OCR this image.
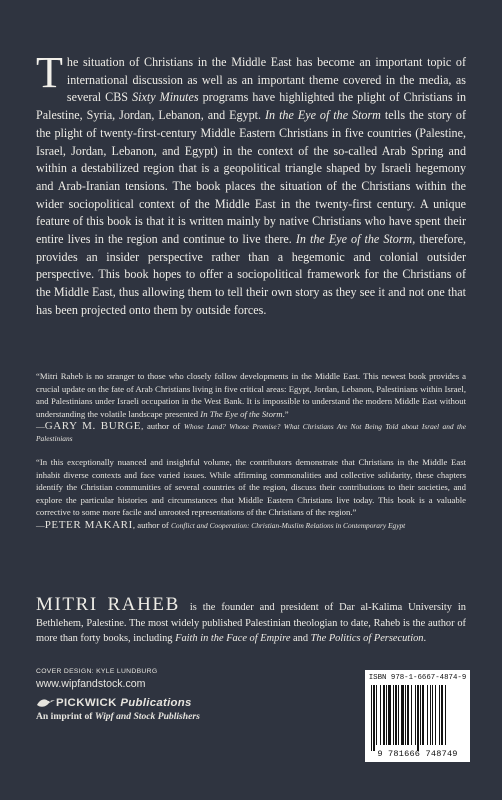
The situation of Christians in the Middle East has become an important topic of international discussion as well as an important theme covered in the media, as several CBS Sixty Minutes programs have highlighted the plight of Christians in Palestine, Syria, Jordan, Lebanon, and Egypt. In the Eye of the Storm tells the story of the plight of twenty-first-century Middle Eastern Christians in five countries (Palestine, Israel, Jordan, Lebanon, and Egypt) in the context of the so-called Arab Spring and within a destabilized region that is a geopolitical triangle shaped by Israeli hegemony and Arab-Iranian tensions. The book places the situation of the Christians within the wider sociopolitical context of the Middle East in the twenty-first century. A unique feature of this book is that it is written mainly by native Christians who have spent their entire lives in the region and continue to live there. In the Eye of the Storm, therefore, provides an insider perspective rather than a hegemonic and colonial outsider perspective. This book hopes to offer a sociopolitical framework for the Christians of the Middle East, thus allowing them to tell their own story as they see it and not one that has been projected onto them by outside forces.
“Mitri Raheb is no stranger to those who closely follow developments in the Middle East. This newest book provides a crucial update on the fate of Arab Christians living in five critical areas: Egypt, Jordan, Lebanon, Palestinians within Israel, and Palestinians under Israeli occupation in the West Bank. It is impossible to understand the modern Middle East without understanding the volatile landscape presented In The Eye of the Storm.”
—GARY M. BURGE, author of Whose Land? Whose Promise? What Christians Are Not Being Told about Israel and the Palestinians
“In this exceptionally nuanced and insightful volume, the contributors demonstrate that Christians in the Middle East inhabit diverse contexts and face varied issues. While affirming commonalities and collective solidarity, these chapters identify the Christian communities of several countries of the region, discuss their contributions to their societies, and explore the particular histories and circumstances that Middle Eastern Christians live today. This book is a valuable corrective to some more facile and unrooted representations of the Christians of the region.”
—PETER MAKARI, author of Conflict and Cooperation: Christian-Muslim Relations in Contemporary Egypt
MITRI RAHEB is the founder and president of Dar al-Kalima University in Bethlehem, Palestine. The most widely published Palestinian theologian to date, Raheb is the author of more than forty books, including Faith in the Face of Empire and The Politics of Persecution.
COVER DESIGN: KYLE LUNDBURG
www.wipfandstock.com
PICKWICK Publications
An imprint of Wipf and Stock Publishers
ISBN 978-1-6667-4874-9
9 781666 748749
